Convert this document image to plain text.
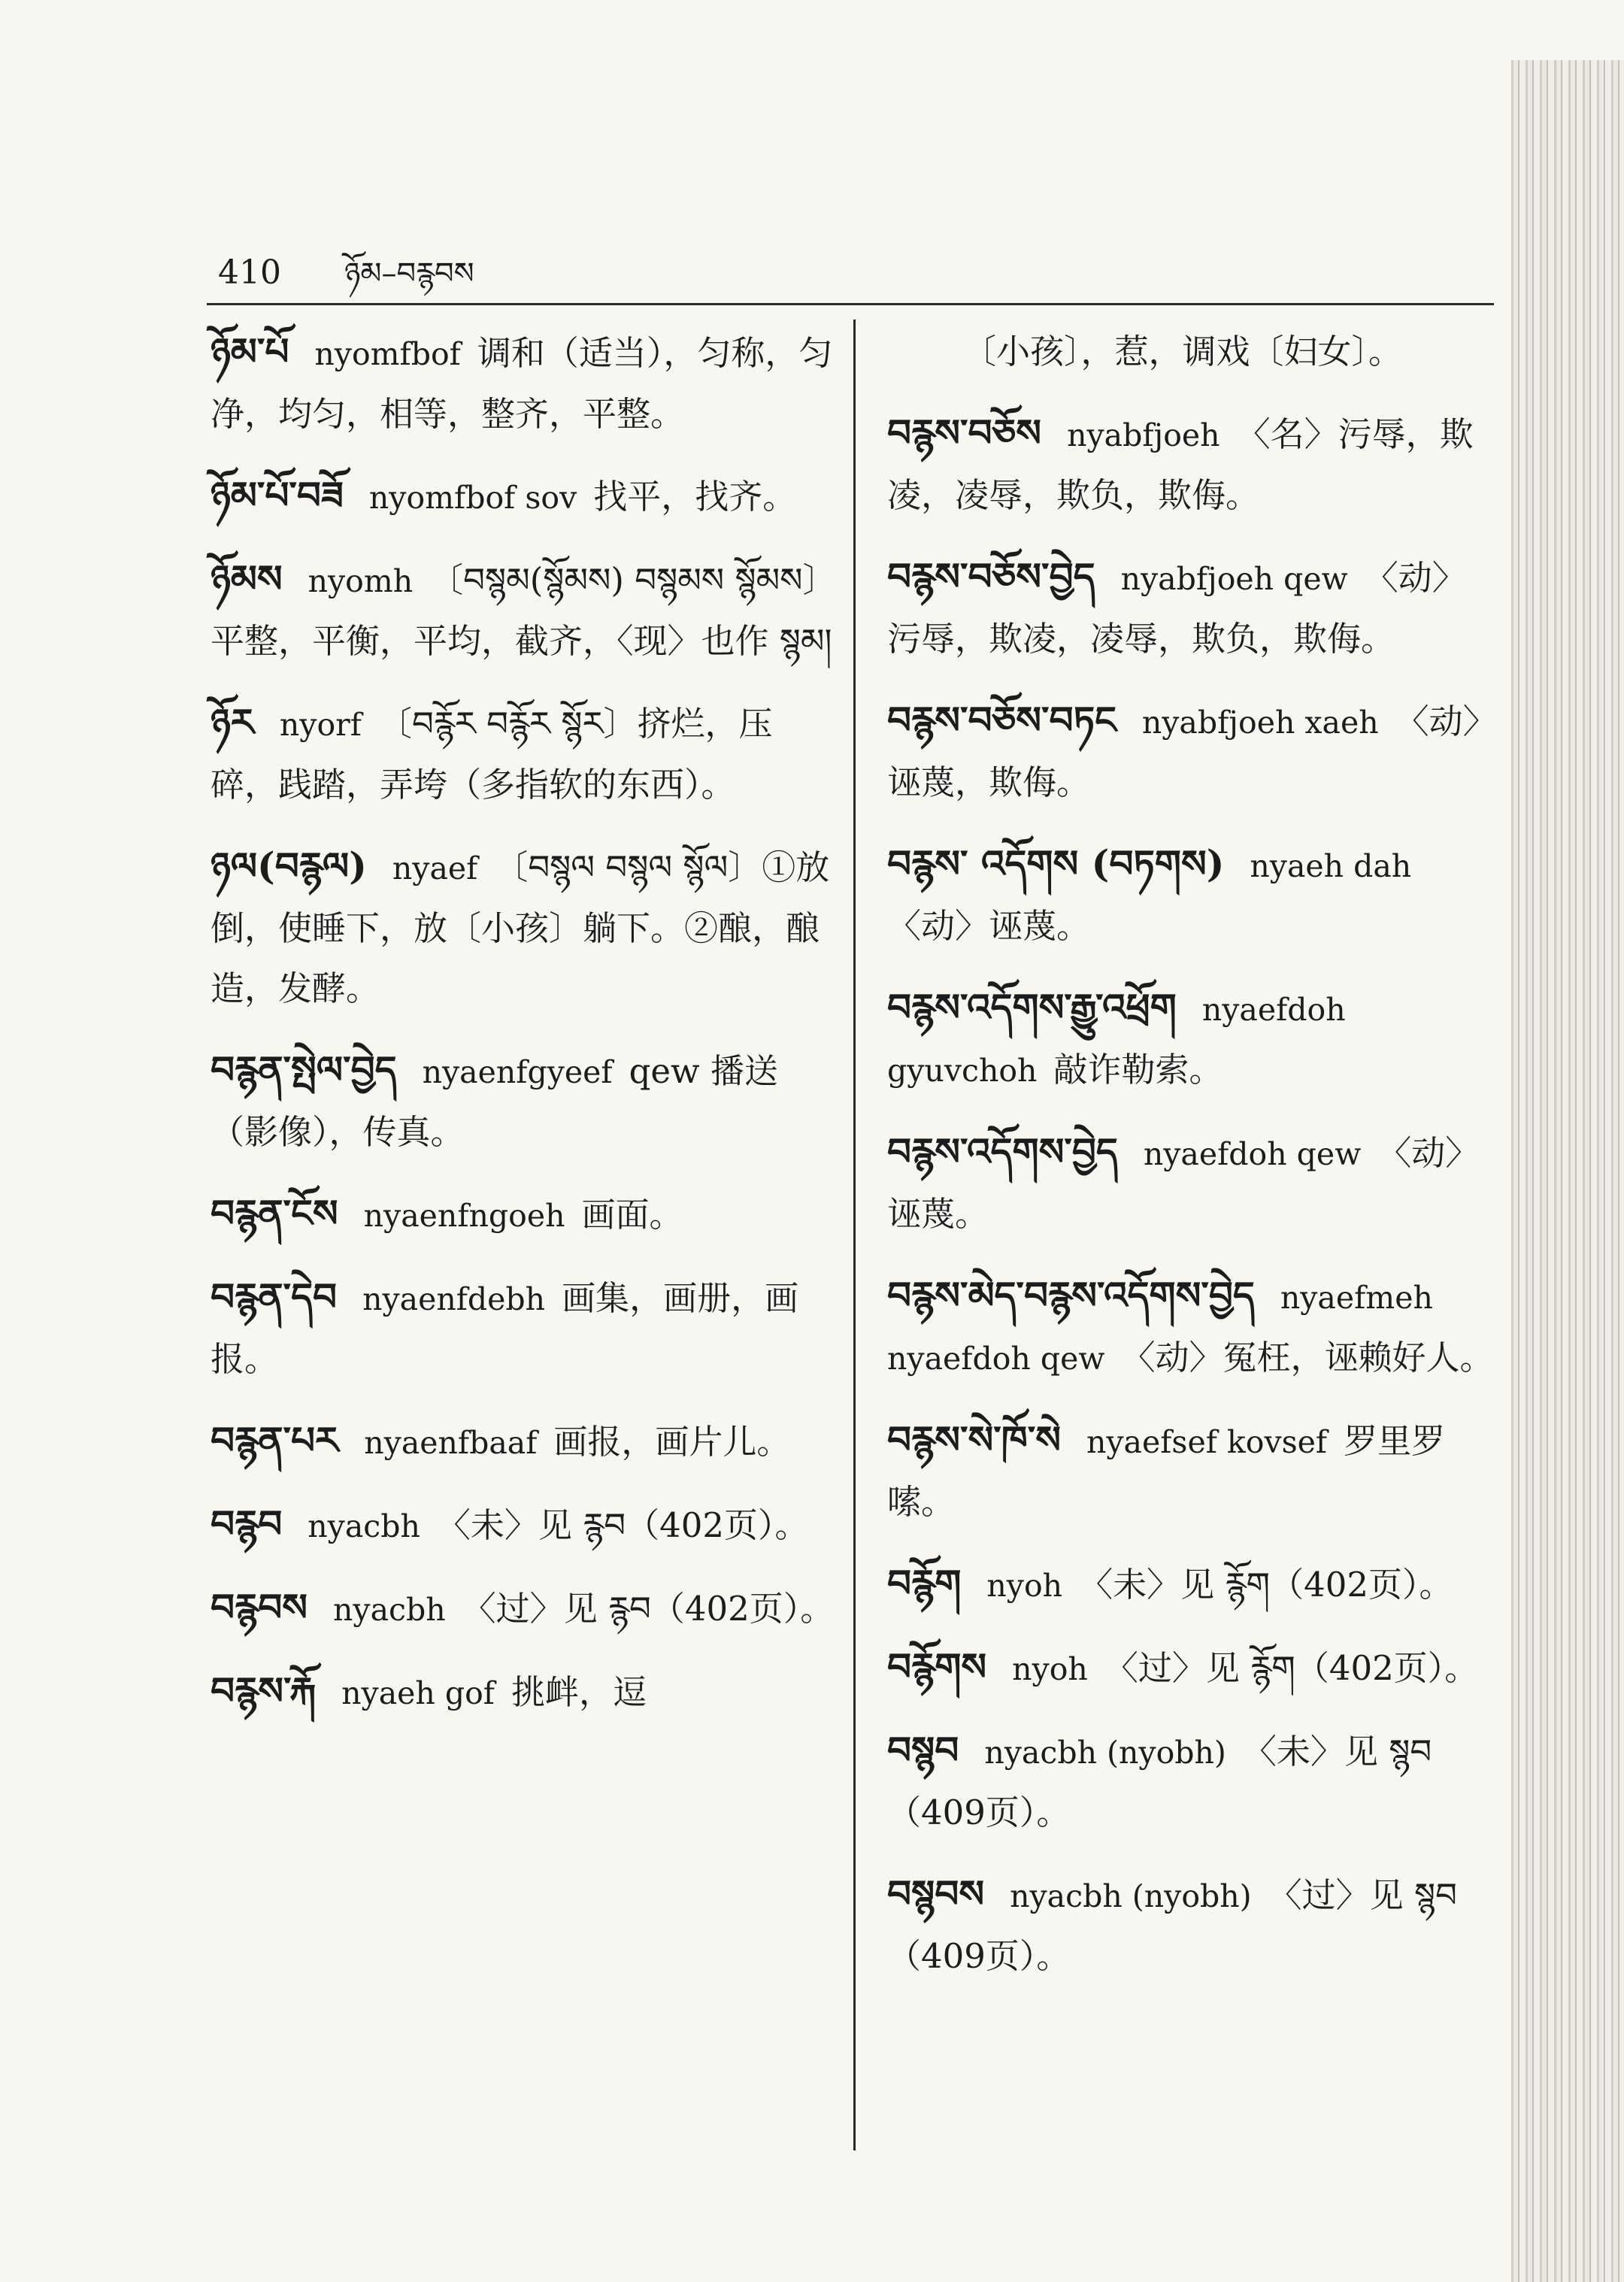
410 ཉོམ–བརྙབས
ཉོམ་པོ nyomfbof 调和（适当），匀称，匀净，均匀，相等，整齐，平整。
ཉོམ་པོ་བཟོ nyomfbof sov 找平，找齐。
ཉོམས nyomh 〔བསྙམ(སྙོམས) བསྙམས སྙོམས〕平整，平衡，平均，截齐，〈现〉也作 སྙམ།
ཉོར nyorf 〔བརྙོར བརྙོར སྙོར〕挤烂，压碎，践踏，弄垮（多指软的东西）。
ཉལ(བརྙལ) nyaef 〔བསྙལ བསྙལ སྙོལ〕①放倒，使睡下，放〔小孩〕躺下。②酿，酿造，发酵。
བརྙན་སྤེལ་བྱེད nyaenfgyeef qew 播送（影像），传真。
བརྙན་ངོས nyaenfngoeh 画面。
བརྙན་དེབ nyaenfdebh 画集，画册，画报。
བརྙན་པར nyaenfbaaf 画报，画片儿。
བརྙབ nyacbh 〈未〉见 རྙབ（402页）。
བརྙབས nyacbh 〈过〉见 རྙབ（402页）。
བརྙས་རྐོ nyaeh gof 挑衅，逗
〔小孩〕，惹，调戏〔妇女〕。
བརྙས་བཅོས nyabfjoeh 〈名〉污辱，欺凌，凌辱，欺负，欺侮。
བརྙས་བཅོས་བྱེད nyabfjoeh qew 〈动〉污辱，欺凌，凌辱，欺负，欺侮。
བརྙས་བཅོས་བཏང nyabfjoeh xaeh 〈动〉诬蔑，欺侮。
བརྙས་ འདོགས (བཏགས) nyaeh dah〈动〉诬蔑。
བརྙས་འདོགས་རྒྱུ་འཕྲོག nyaefdoh gyuvchoh 敲诈勒索。
བརྙས་འདོགས་བྱེད nyaefdoh qew 〈动〉诬蔑。
བརྙས་མེད་བརྙས་འདོགས་བྱེད nyaefmeh nyaefdoh qew 〈动〉冤枉，诬赖好人。
བརྙས་སེ་ཁོ་སེ nyaefsef kovsef 罗里罗嗦。
བརྙོག nyoh 〈未〉见 རྙོག（402页）。
བརྙོགས nyoh 〈过〉见 རྙོག（402页）。
བསྙབ nyacbh (nyobh) 〈未〉见 སྙབ（409页）。
བསྙབས nyacbh (nyobh) 〈过〉见 སྙབ（409页）。
